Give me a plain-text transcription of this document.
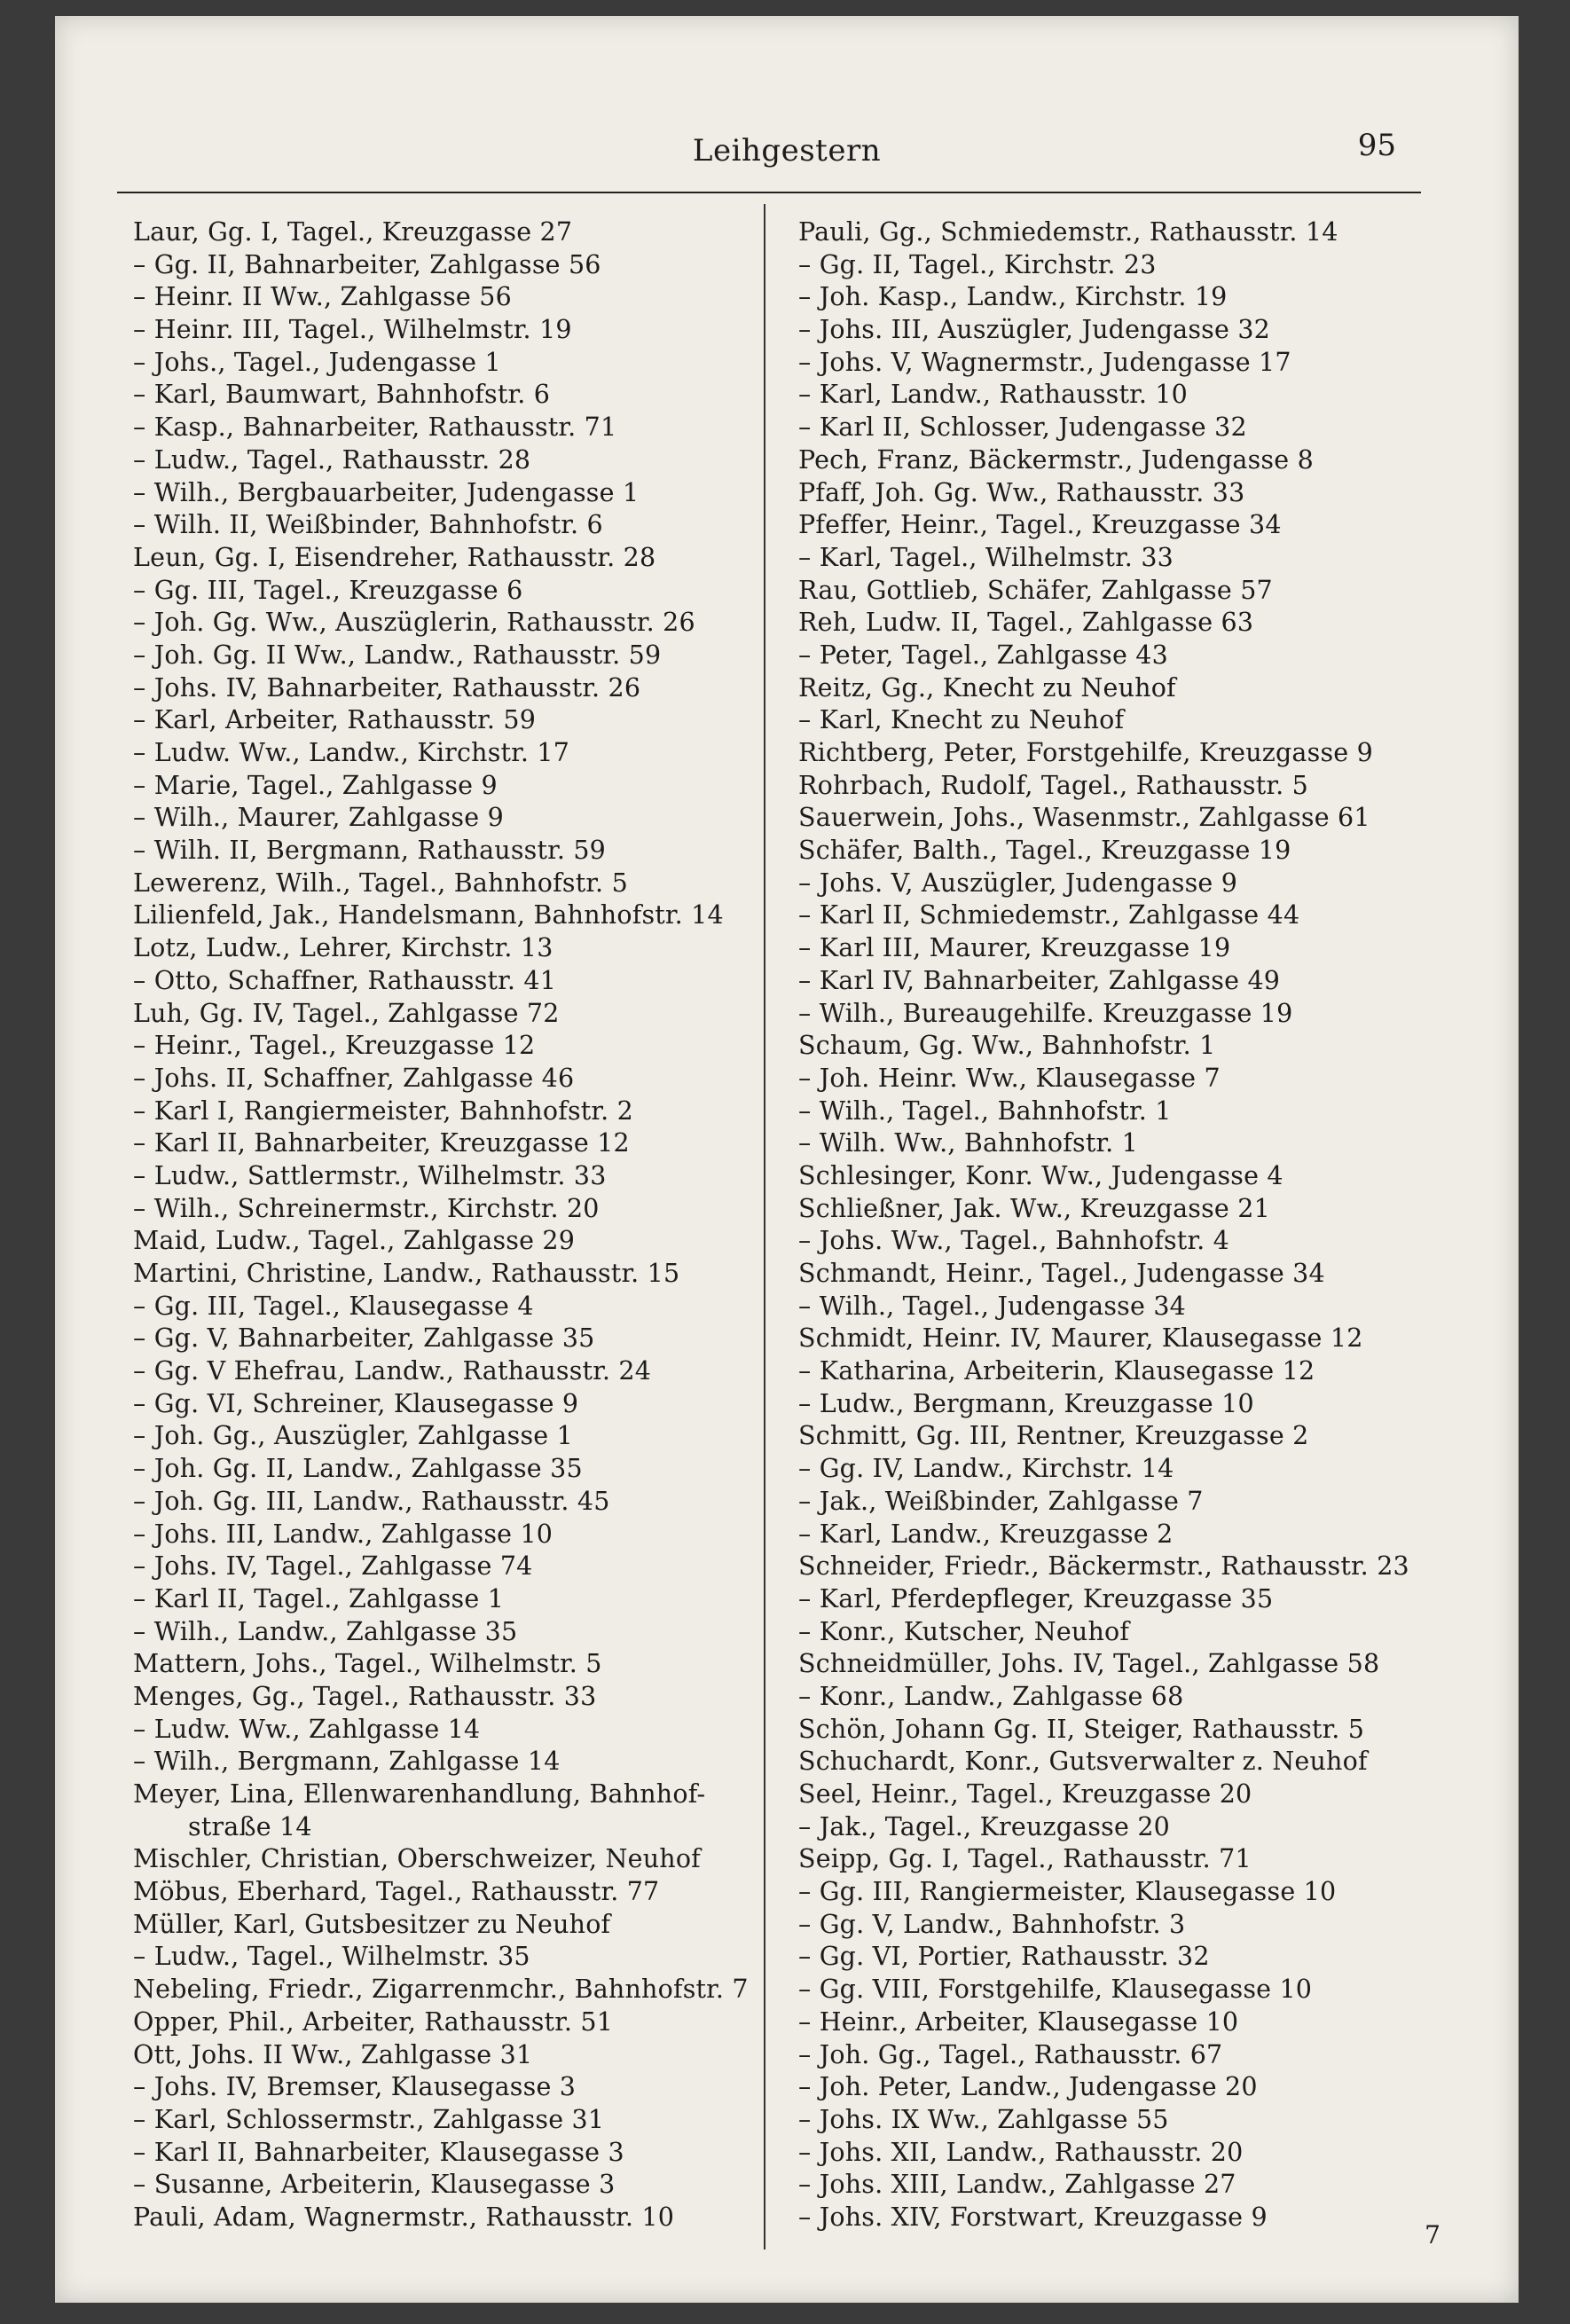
Leihgestern	95
Laur, Gg. I, Tagel., Kreuzgasse 27
– Gg. II, Bahnarbeiter, Zahlgasse 56
– Heinr. II Ww., Zahlgasse 56
– Heinr. III, Tagel., Wilhelmstr. 19
– Johs., Tagel., Judengasse 1
– Karl, Baumwart, Bahnhofstr. 6
– Kasp., Bahnarbeiter, Rathausstr. 71
– Ludw., Tagel., Rathausstr. 28
– Wilh., Bergbauarbeiter, Judengasse 1
– Wilh. II, Weißbinder, Bahnhofstr. 6
Leun, Gg. I, Eisendreher, Rathausstr. 28
– Gg. III, Tagel., Kreuzgasse 6
– Joh. Gg. Ww., Auszüglerin, Rathausstr. 26
– Joh. Gg. II Ww., Landw., Rathausstr. 59
– Johs. IV, Bahnarbeiter, Rathausstr. 26
– Karl, Arbeiter, Rathausstr. 59
– Ludw. Ww., Landw., Kirchstr. 17
– Marie, Tagel., Zahlgasse 9
– Wilh., Maurer, Zahlgasse 9
– Wilh. II, Bergmann, Rathausstr. 59
Lewerenz, Wilh., Tagel., Bahnhofstr. 5
Lilienfeld, Jak., Handelsmann, Bahnhofstr. 14
Lotz, Ludw., Lehrer, Kirchstr. 13
– Otto, Schaffner, Rathausstr. 41
Luh, Gg. IV, Tagel., Zahlgasse 72
– Heinr., Tagel., Kreuzgasse 12
– Johs. II, Schaffner, Zahlgasse 46
– Karl I, Rangiermeister, Bahnhofstr. 2
– Karl II, Bahnarbeiter, Kreuzgasse 12
– Ludw., Sattlermstr., Wilhelmstr. 33
– Wilh., Schreinermstr., Kirchstr. 20
Maid, Ludw., Tagel., Zahlgasse 29
Martini, Christine, Landw., Rathausstr. 15
– Gg. III, Tagel., Klausegasse 4
– Gg. V, Bahnarbeiter, Zahlgasse 35
– Gg. V Ehefrau, Landw., Rathausstr. 24
– Gg. VI, Schreiner, Klausegasse 9
– Joh. Gg., Auszügler, Zahlgasse 1
– Joh. Gg. II, Landw., Zahlgasse 35
– Joh. Gg. III, Landw., Rathausstr. 45
– Johs. III, Landw., Zahlgasse 10
– Johs. IV, Tagel., Zahlgasse 74
– Karl II, Tagel., Zahlgasse 1
– Wilh., Landw., Zahlgasse 35
Mattern, Johs., Tagel., Wilhelmstr. 5
Menges, Gg., Tagel., Rathausstr. 33
– Ludw. Ww., Zahlgasse 14
– Wilh., Bergmann, Zahlgasse 14
Meyer, Lina, Ellenwarenhandlung, Bahnhof-
straße 14
Mischler, Christian, Oberschweizer, Neuhof
Möbus, Eberhard, Tagel., Rathausstr. 77
Müller, Karl, Gutsbesitzer zu Neuhof
– Ludw., Tagel., Wilhelmstr. 35
Nebeling, Friedr., Zigarrenmchr., Bahnhofstr. 7
Opper, Phil., Arbeiter, Rathausstr. 51
Ott, Johs. II Ww., Zahlgasse 31
– Johs. IV, Bremser, Klausegasse 3
– Karl, Schlossermstr., Zahlgasse 31
– Karl II, Bahnarbeiter, Klausegasse 3
– Susanne, Arbeiterin, Klausegasse 3
Pauli, Adam, Wagnermstr., Rathausstr. 10
Pauli, Gg., Schmiedemstr., Rathausstr. 14
– Gg. II, Tagel., Kirchstr. 23
– Joh. Kasp., Landw., Kirchstr. 19
– Johs. III, Auszügler, Judengasse 32
– Johs. V, Wagnermstr., Judengasse 17
– Karl, Landw., Rathausstr. 10
– Karl II, Schlosser, Judengasse 32
Pech, Franz, Bäckermstr., Judengasse 8
Pfaff, Joh. Gg. Ww., Rathausstr. 33
Pfeffer, Heinr., Tagel., Kreuzgasse 34
– Karl, Tagel., Wilhelmstr. 33
Rau, Gottlieb, Schäfer, Zahlgasse 57
Reh, Ludw. II, Tagel., Zahlgasse 63
– Peter, Tagel., Zahlgasse 43
Reitz, Gg., Knecht zu Neuhof
– Karl, Knecht zu Neuhof
Richtberg, Peter, Forstgehilfe, Kreuzgasse 9
Rohrbach, Rudolf, Tagel., Rathausstr. 5
Sauerwein, Johs., Wasenmstr., Zahlgasse 61
Schäfer, Balth., Tagel., Kreuzgasse 19
– Johs. V, Auszügler, Judengasse 9
– Karl II, Schmiedemstr., Zahlgasse 44
– Karl III, Maurer, Kreuzgasse 19
– Karl IV, Bahnarbeiter, Zahlgasse 49
– Wilh., Bureaugehilfe. Kreuzgasse 19
Schaum, Gg. Ww., Bahnhofstr. 1
– Joh. Heinr. Ww., Klausegasse 7
– Wilh., Tagel., Bahnhofstr. 1
– Wilh. Ww., Bahnhofstr. 1
Schlesinger, Konr. Ww., Judengasse 4
Schließner, Jak. Ww., Kreuzgasse 21
– Johs. Ww., Tagel., Bahnhofstr. 4
Schmandt, Heinr., Tagel., Judengasse 34
– Wilh., Tagel., Judengasse 34
Schmidt, Heinr. IV, Maurer, Klausegasse 12
– Katharina, Arbeiterin, Klausegasse 12
– Ludw., Bergmann, Kreuzgasse 10
Schmitt, Gg. III, Rentner, Kreuzgasse 2
– Gg. IV, Landw., Kirchstr. 14
– Jak., Weißbinder, Zahlgasse 7
– Karl, Landw., Kreuzgasse 2
Schneider, Friedr., Bäckermstr., Rathausstr. 23
– Karl, Pferdepfleger, Kreuzgasse 35
– Konr., Kutscher, Neuhof
Schneidmüller, Johs. IV, Tagel., Zahlgasse 58
– Konr., Landw., Zahlgasse 68
Schön, Johann Gg. II, Steiger, Rathausstr. 5
Schuchardt, Konr., Gutsverwalter z. Neuhof
Seel, Heinr., Tagel., Kreuzgasse 20
– Jak., Tagel., Kreuzgasse 20
Seipp, Gg. I, Tagel., Rathausstr. 71
– Gg. III, Rangiermeister, Klausegasse 10
– Gg. V, Landw., Bahnhofstr. 3
– Gg. VI, Portier, Rathausstr. 32
– Gg. VIII, Forstgehilfe, Klausegasse 10
– Heinr., Arbeiter, Klausegasse 10
– Joh. Gg., Tagel., Rathausstr. 67
– Joh. Peter, Landw., Judengasse 20
– Johs. IX Ww., Zahlgasse 55
– Johs. XII, Landw., Rathausstr. 20
– Johs. XIII, Landw., Zahlgasse 27
– Johs. XIV, Forstwart, Kreuzgasse 9
7
